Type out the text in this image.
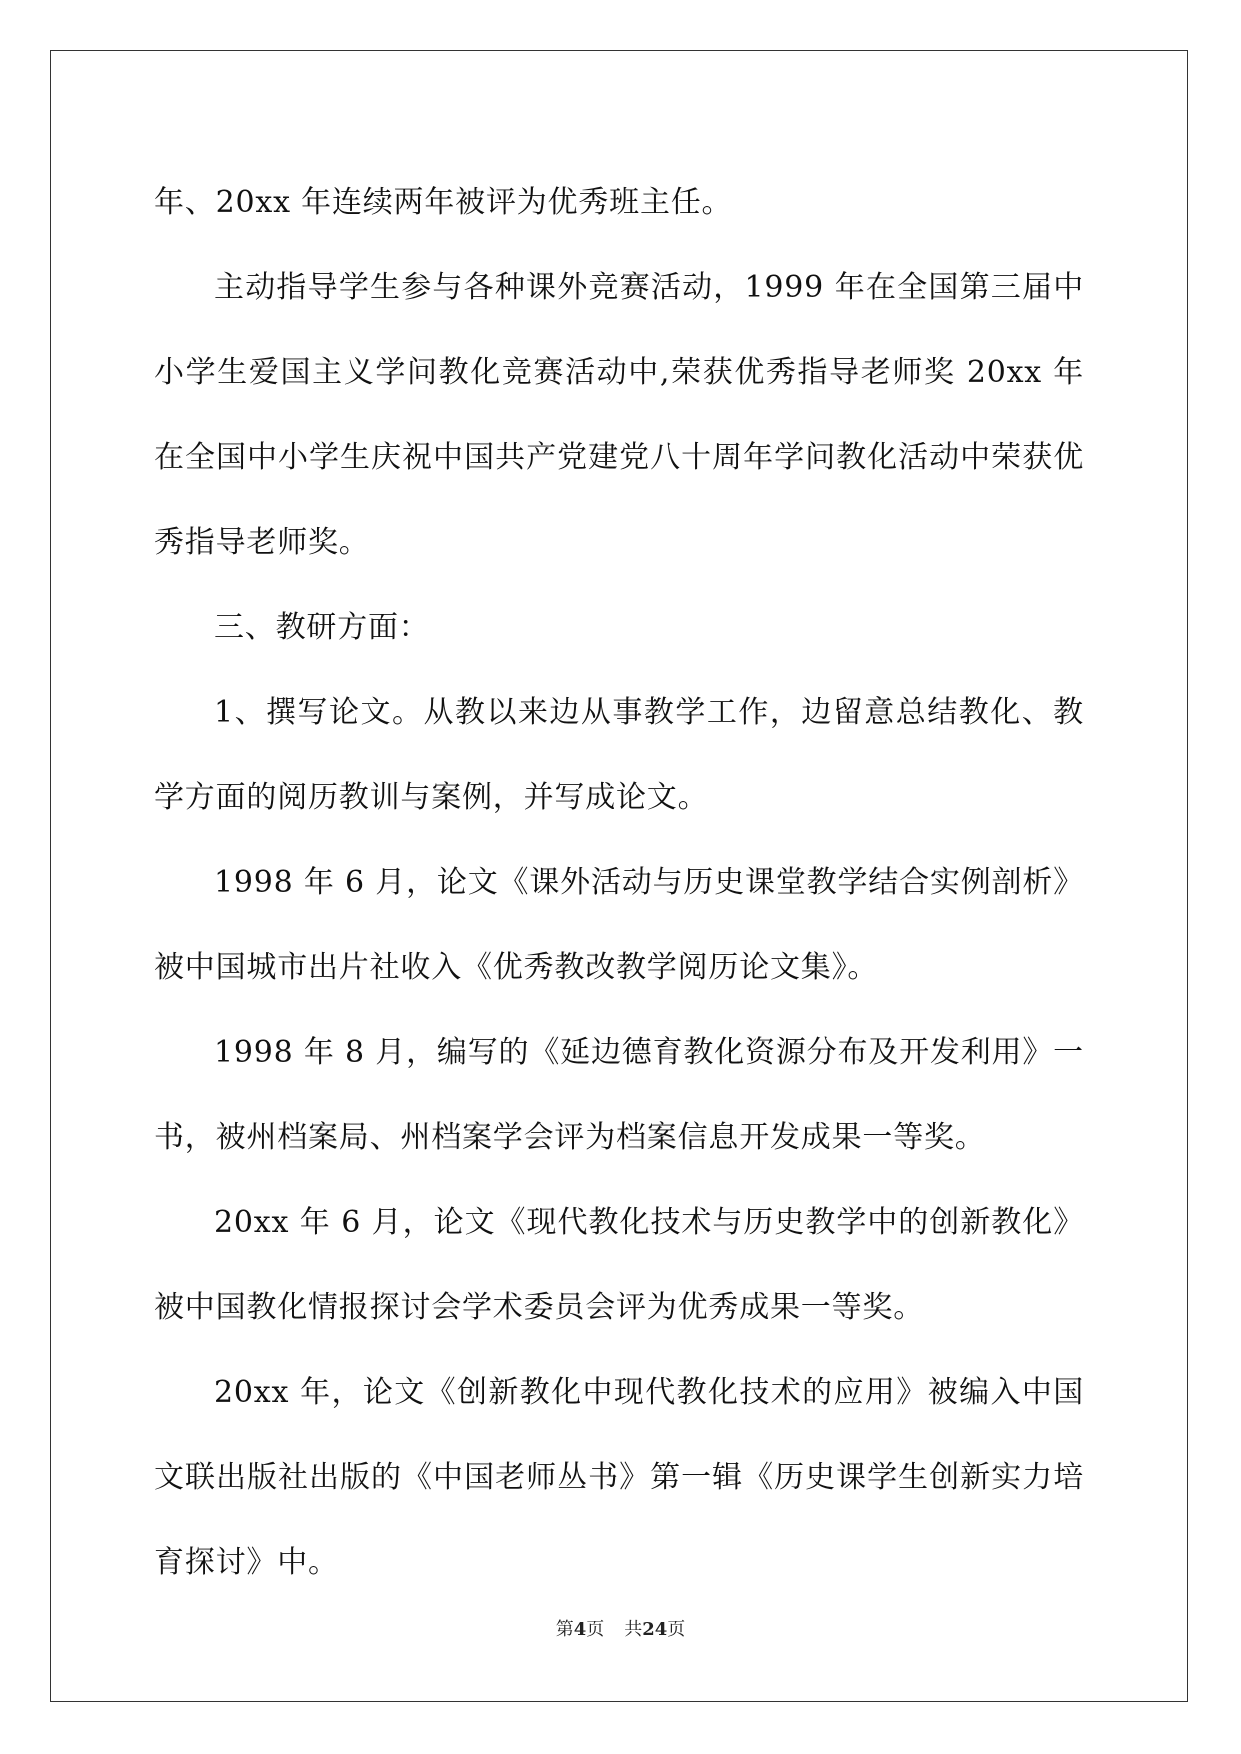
年、20xx 年连续两年被评为优秀班主任。

主动指导学生参与各种课外竞赛活动，1999 年在全国第三届中小学生爱国主义学问教化竞赛活动中,荣获优秀指导老师奖 20xx 年在全国中小学生庆祝中国共产党建党八十周年学问教化活动中荣获优秀指导老师奖。

三、教研方面：

1、撰写论文。从教以来边从事教学工作，边留意总结教化、教学方面的阅历教训与案例，并写成论文。

1998 年 6 月，论文《课外活动与历史课堂教学结合实例剖析》被中国城市出片社收入《优秀教改教学阅历论文集》。

1998 年 8 月，编写的《延边德育教化资源分布及开发利用》一书，被州档案局、州档案学会评为档案信息开发成果一等奖。

20xx 年 6 月，论文《现代教化技术与历史教学中的创新教化》被中国教化情报探讨会学术委员会评为优秀成果一等奖。

20xx 年，论文《创新教化中现代教化技术的应用》被编入中国文联出版社出版的《中国老师丛书》第一辑《历史课学生创新实力培育探讨》中。

第4页 共24页
